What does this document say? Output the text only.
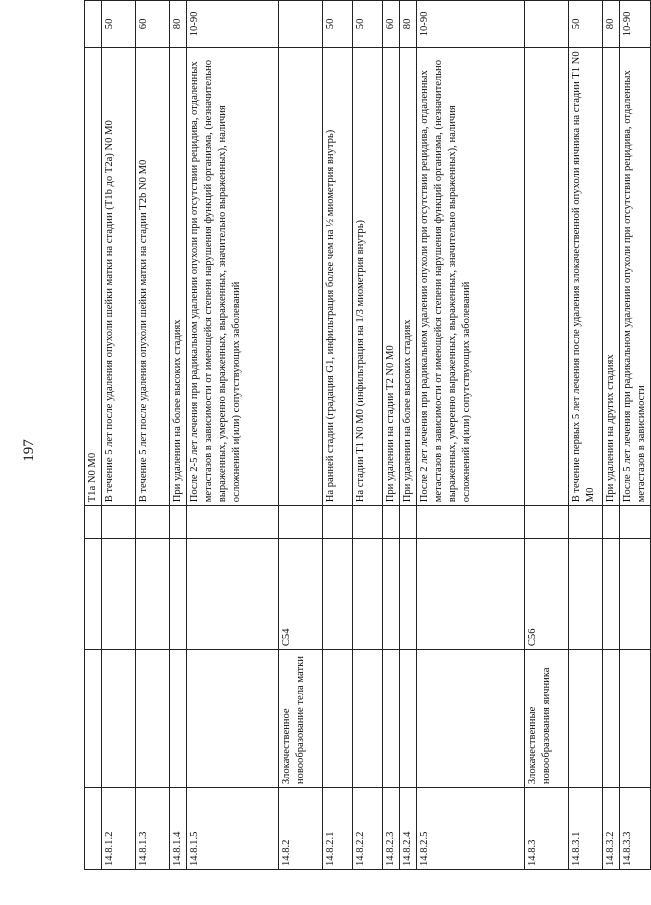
197
				T1a N0 M0	
14.8.1.2				В течение 5 лет после удаления опухоли шейки матки на стадии (T1b до T2a) N0 M0	50
14.8.1.3				В течение 5 лет после удаления опухоли шейки матки на стадии T2b N0 M0	60
14.8.1.4				При удалении на более высоких стадиях	80
14.8.1.5				После 2-5 лет лечения при радикальном удалении опухоли при отсутствии рецидива, отдаленных метастазов в зависимости от имеющейся степени нарушения функций организма, (незначительно выраженных, умеренно выраженных, выраженных, значительно выраженных), наличия осложнений и(или) сопутствующих заболеваний	10-90
14.8.2	Злокачественное новообразование тела матки	C54			
14.8.2.1				На ранней стадии (градация G1, инфильтрация более чем на ½ миометрия внутрь)	50
14.8.2.2				На стадии T1 N0 M0 (инфильтрация на 1/3 миометрия внутрь)	50
14.8.2.3				При удалении на стадии T2 N0 M0	60
14.8.2.4				При удалении на более высоких стадиях	80
14.8.2.5				После 2 лет лечения при радикальном удалении опухоли при отсутствии рецидива, отдаленных метастазов в зависимости от имеющейся степени нарушения функций организма, (незначительно выраженных, умеренно выраженных, выраженных, значительно выраженных), наличия осложнений и(или) сопутствующих заболеваний	10-90
14.8.3	Злокачественные новообразования яичника	C56			
14.8.3.1				В течение первых 5 лет лечения после удаления злокачественной опухоли яичника на стадии T1 N0 M0	50
14.8.3.2				При удалении на других стадиях	80
14.8.3.3				После 5 лет лечения при радикальном удалении опухоли при отсутствии рецидива, отдаленных метастазов в зависимости	10-90
